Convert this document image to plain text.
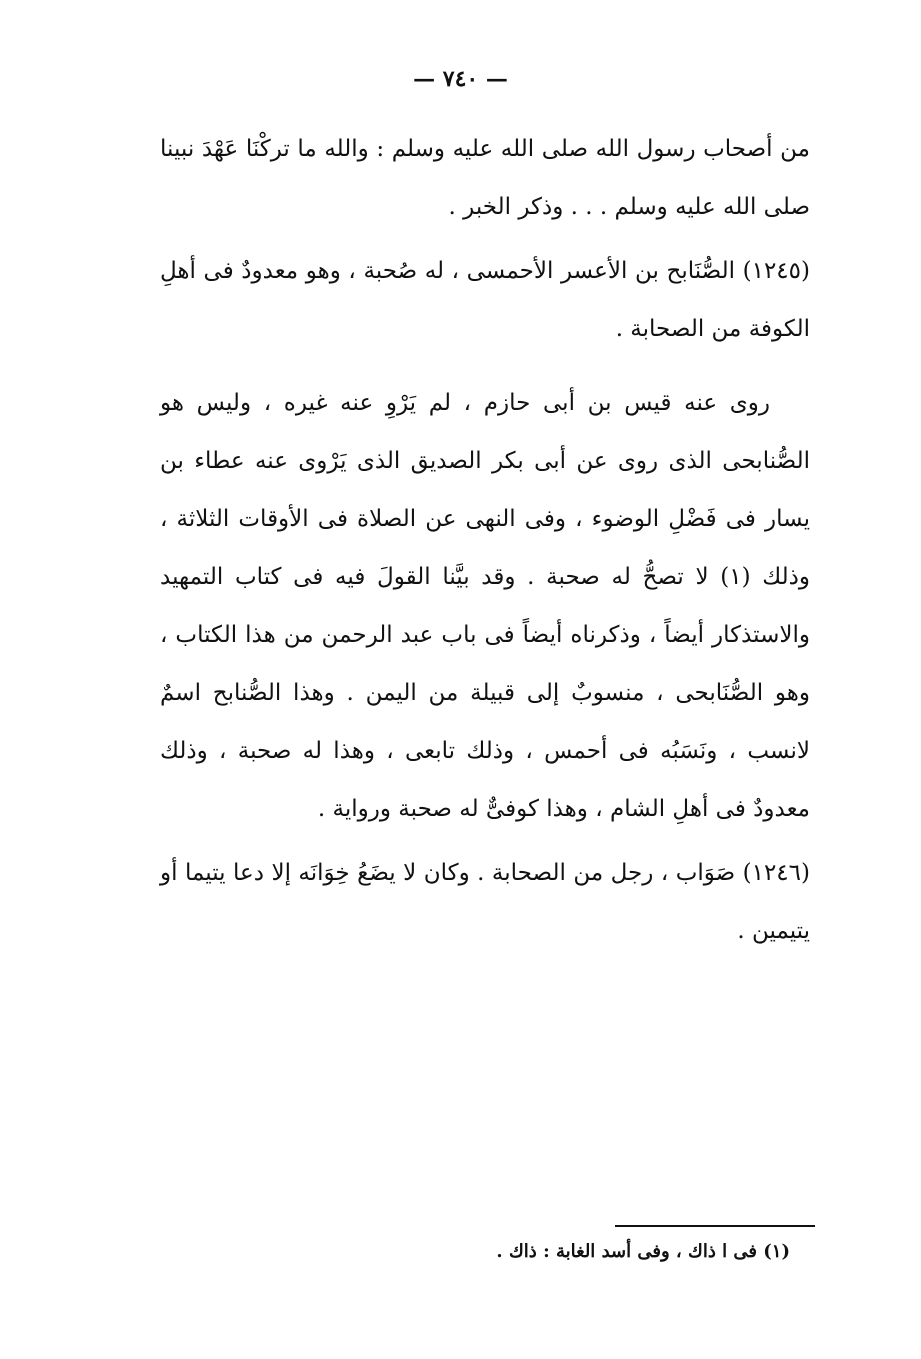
— ٧٤٠ —

من أصحاب رسول الله صلى الله عليه وسلم : والله ما تركْنَا عَهْدَ نبينا صلى الله عليه وسلم . . . وذكر الخبر .

(١٢٤٥) الصُّنَابح بن الأعسر الأحمسى ، له صُحبة ، وهو معدودٌ فى أهلِ الكوفة من الصحابة .

روى عنه قيس بن أبى حازم ، لم يَرْوِ عنه غيره ، وليس هو الصُّنابحى الذى روى عن أبى بكر الصديق الذى يَرْوى عنه عطاء بن يسار فى فَضْلِ الوضوء ، وفى النهى عن الصلاة فى الأوقات الثلاثة ، وذلك (١) لا تصحُّ له صحبة . وقد بيَّنا القولَ فيه فى كتاب التمهيد والاستذكار أيضاً ، وذكرناه أيضاً فى باب عبد الرحمن من هذا الكتاب ، وهو الصُّنَابحى ، منسوبٌ إلى قبيلة من اليمن . وهذا الصُّنابح اسمٌ لانسب ، ونَسَبُه فى أحمس ، وذلك تابعى ، وهذا له صحبة ، وذلك معدودٌ فى أهلِ الشام ، وهذا كوفىٌّ له صحبة ورواية .

(١٢٤٦) صَوَاب ، رجل من الصحابة . وكان لا يضَعُ خِوَانَه إلا دعا يتيما أو يتيمين .

(١) فى ا ذاك ، وفى أسد الغابة : ذاك .
